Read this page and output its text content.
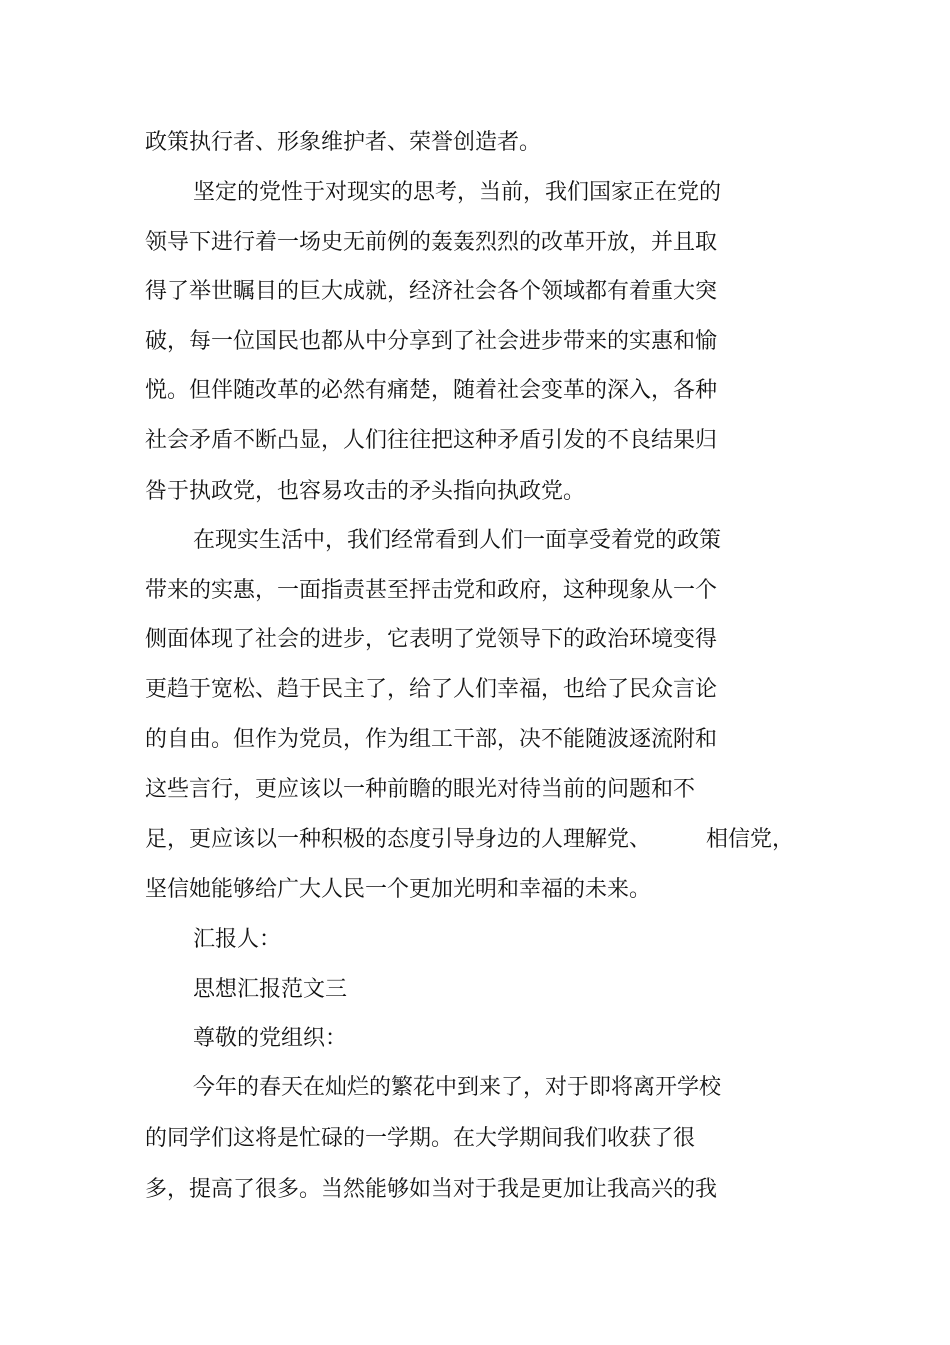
政策执行者、形象维护者、荣誉创造者。
坚定的党性于对现实的思考，当前，我们国家正在党的
领导下进行着一场史无前例的轰轰烈烈的改革开放，并且取
得了举世瞩目的巨大成就，经济社会各个领域都有着重大突
破，每一位国民也都从中分享到了社会进步带来的实惠和愉
悦。但伴随改革的必然有痛楚，随着社会变革的深入，各种
社会矛盾不断凸显，人们往往把这种矛盾引发的不良结果归
咎于执政党，也容易攻击的矛头指向执政党。
在现实生活中，我们经常看到人们一面享受着党的政策
带来的实惠，一面指责甚至抨击党和政府，这种现象从一个
侧面体现了社会的进步，它表明了党领导下的政治环境变得
更趋于宽松、趋于民主了，给了人们幸福，也给了民众言论
的自由。但作为党员，作为组工干部，决不能随波逐流附和
这些言行，更应该以一种前瞻的眼光对待当前的问题和不
足，更应该以一种积极的态度引导身边的人理解党、　　　相信党，
坚信她能够给广大人民一个更加光明和幸福的未来。
汇报人：
思想汇报范文三
尊敬的党组织：
今年的春天在灿烂的繁花中到来了，对于即将离开学校
的同学们这将是忙碌的一学期。在大学期间我们收获了很
多，提高了很多。当然能够如当对于我是更加让我高兴的我
